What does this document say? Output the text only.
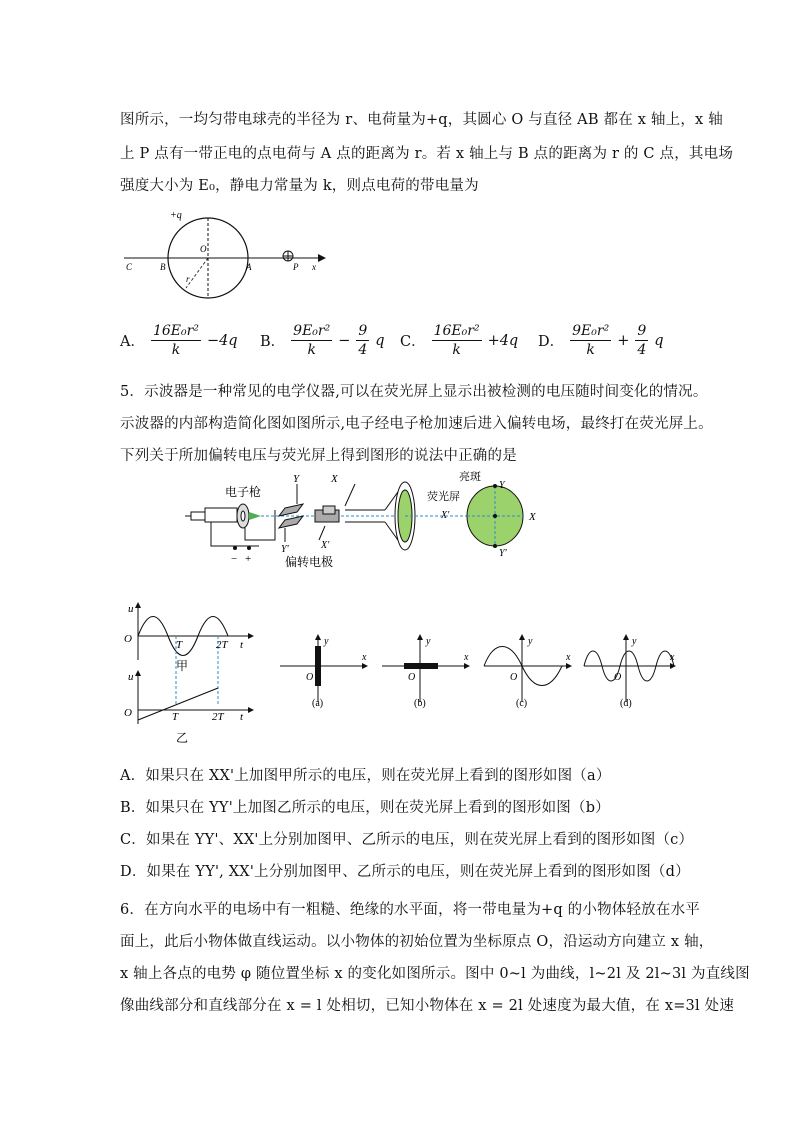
图所示，一均匀带电球壳的半径为 r、电荷量为+q，其圆心 O 与直径 AB 都在 x 轴上，x 轴
上 P 点有一带正电的点电荷与 A 点的距离为 r。若 x 轴上与 B 点的距离为 r 的 C 点，其电场
强度大小为 E₀，静电力常量为 k，则点电荷的带电量为
+q
O
C	B	A	P x
r
A． $\frac{\text{16E₀r²}}{k} -4q$ B． $\frac{\text{9E₀r²}}{k} - \frac{9}{4}$ q C． $\frac{\text{16E₀r²}}{k} +4q$ D． $\frac{\text{9E₀r²}}{k} + \frac{9}{4}$ q
5．示波器是一种常见的电学仪器,可以在荧光屏上显示出被检测的电压随时间变化的情况。
示波器的内部构造简化图如图所示,电子经电子枪加速后进入偏转电场，最终打在荧光屏上。
下列关于所加偏转电压与荧光屏上得到图形的说法中正确的是
− +
电子枪
Y
Y'
X
X'
偏转电极
荧光屏
X'
亮斑
Y
Y'
X
u
O	T	2T t
甲
u
O	T	2T t
乙
y
x
O
(a)
y
x
O
(b)
y
x
O
(c)
y
x
O
(d)
A．如果只在 XX'上加图甲所示的电压，则在荧光屏上看到的图形如图（a）
B．如果只在 YY'上加图乙所示的电压，则在荧光屏上看到的图形如图（b）
C．如果在 YY'、XX'上分别加图甲、乙所示的电压，则在荧光屏上看到的图形如图（c）
D．如果在 YY', XX'上分别加图甲、乙所示的电压，则在荧光屏上看到的图形如图（d）
6．在方向水平的电场中有一粗糙、绝缘的水平面，将一带电量为+q 的小物体轻放在水平
面上，此后小物体做直线运动。以小物体的初始位置为坐标原点 O，沿运动方向建立 x 轴，
x 轴上各点的电势 φ 随位置坐标 x 的变化如图所示。图中 0~l 为曲线，l~2l 及 2l~3l 为直线图
像曲线部分和直线部分在 x = l 处相切，已知小物体在 x = 2l 处速度为最大值，在 x=3l 处速
